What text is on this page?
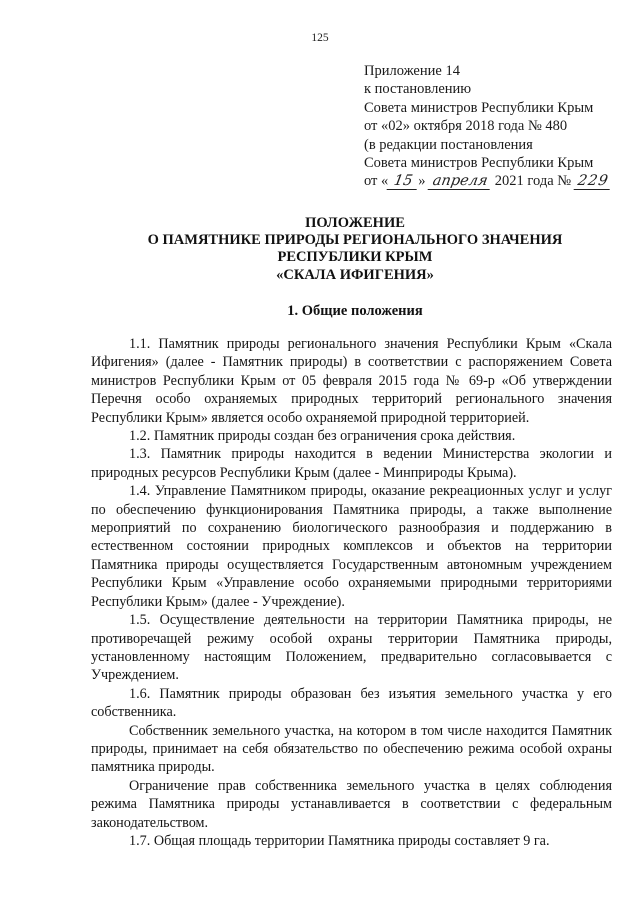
125
Приложение 14
к постановлению
Совета министров Республики Крым
от «02» октября 2018 года № 480
(в редакции постановления
Совета министров Республики Крым
от « 15 » апреля 2021 года № 229
ПОЛОЖЕНИЕ
О ПАМЯТНИКЕ ПРИРОДЫ РЕГИОНАЛЬНОГО ЗНАЧЕНИЯ
РЕСПУБЛИКИ КРЫМ
«СКАЛА ИФИГЕНИЯ»
1. Общие положения

1.1. Памятник природы регионального значения Республики Крым «Скала Ифигения» (далее - Памятник природы) в соответствии с распоряжением Совета министров Республики Крым от 05 февраля 2015 года № 69-р «Об утверждении Перечня особо охраняемых природных территорий регионального значения Республики Крым» является особо охраняемой природной территорией.

1.2. Памятник природы создан без ограничения срока действия.

1.3. Памятник природы находится в ведении Министерства экологии и природных ресурсов Республики Крым (далее - Минприроды Крыма).

1.4. Управление Памятником природы, оказание рекреационных услуг и услуг по обеспечению функционирования Памятника природы, а также выполнение мероприятий по сохранению биологического разнообразия и поддержанию в естественном состоянии природных комплексов и объектов на территории Памятника природы осуществляется Государственным автономным учреждением Республики Крым «Управление особо охраняемыми природными территориями Республики Крым» (далее - Учреждение).

1.5. Осуществление деятельности на территории Памятника природы, не противоречащей режиму особой охраны территории Памятника природы, установленному настоящим Положением, предварительно согласовывается с Учреждением.

1.6. Памятник природы образован без изъятия земельного участка у его собственника.

Собственник земельного участка, на котором в том числе находится Памятник природы, принимает на себя обязательство по обеспечению режима особой охраны памятника природы.

Ограничение прав собственника земельного участка в целях соблюдения режима Памятника природы устанавливается в соответствии с федеральным законодательством.

1.7. Общая площадь территории Памятника природы составляет 9 га.
